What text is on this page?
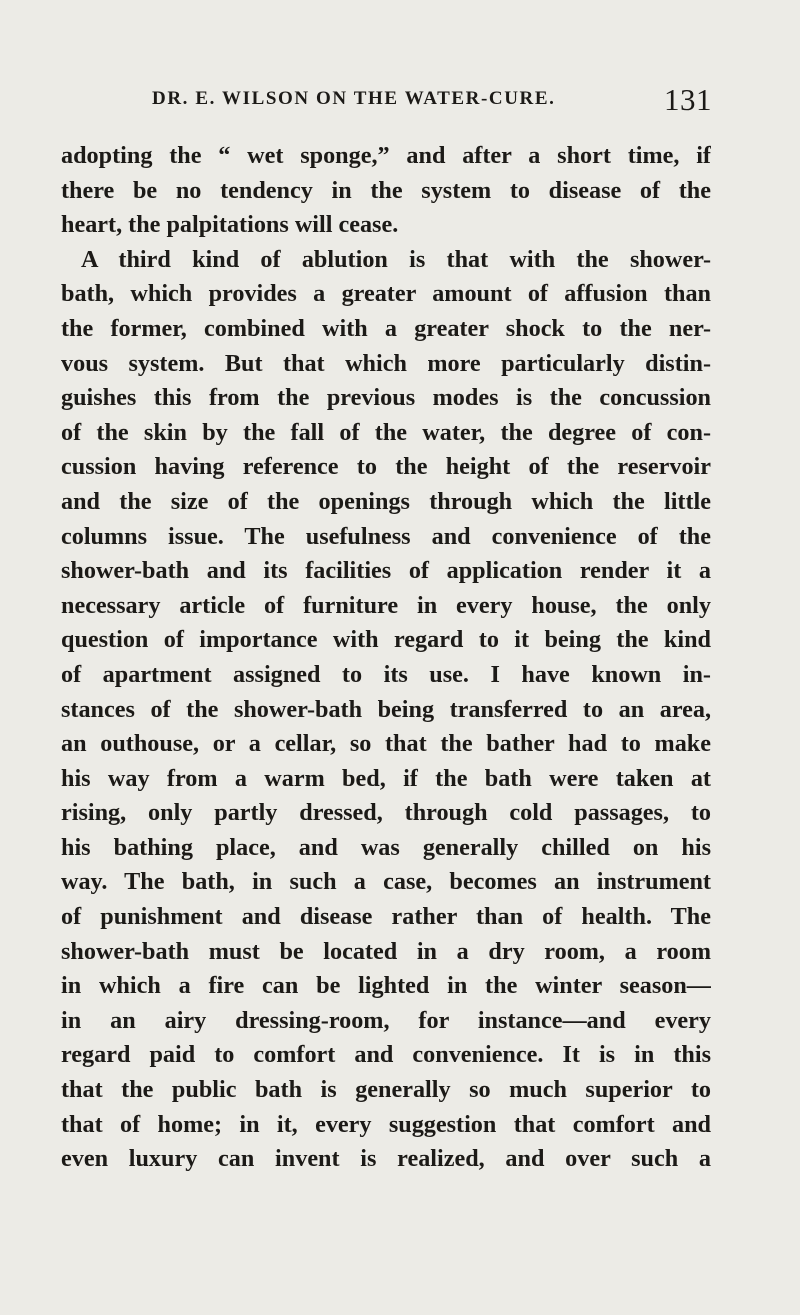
DR. E. WILSON ON THE WATER-CURE.	131
adopting the “ wet sponge,” and after a short time, if
there be no tendency in the system to disease of the
heart, the palpitations will cease.
A third kind of ablution is that with the shower-
bath, which provides a greater amount of affusion than
the former, combined with a greater shock to the ner-
vous system. But that which more particularly distin-
guishes this from the previous modes is the concussion
of the skin by the fall of the water, the degree of con-
cussion having reference to the height of the reservoir
and the size of the openings through which the little
columns issue. The usefulness and convenience of the
shower-bath and its facilities of application render it a
necessary article of furniture in every house, the only
question of importance with regard to it being the kind
of apartment assigned to its use. I have known in-
stances of the shower-bath being transferred to an area,
an outhouse, or a cellar, so that the bather had to make
his way from a warm bed, if the bath were taken at
rising, only partly dressed, through cold passages, to
his bathing place, and was generally chilled on his
way. The bath, in such a case, becomes an instrument
of punishment and disease rather than of health. The
shower-bath must be located in a dry room, a room
in which a fire can be lighted in the winter season—
in an airy dressing-room, for instance—and every
regard paid to comfort and convenience. It is in this
that the public bath is generally so much superior to
that of home; in it, every suggestion that comfort and
even luxury can invent is realized, and over such a
